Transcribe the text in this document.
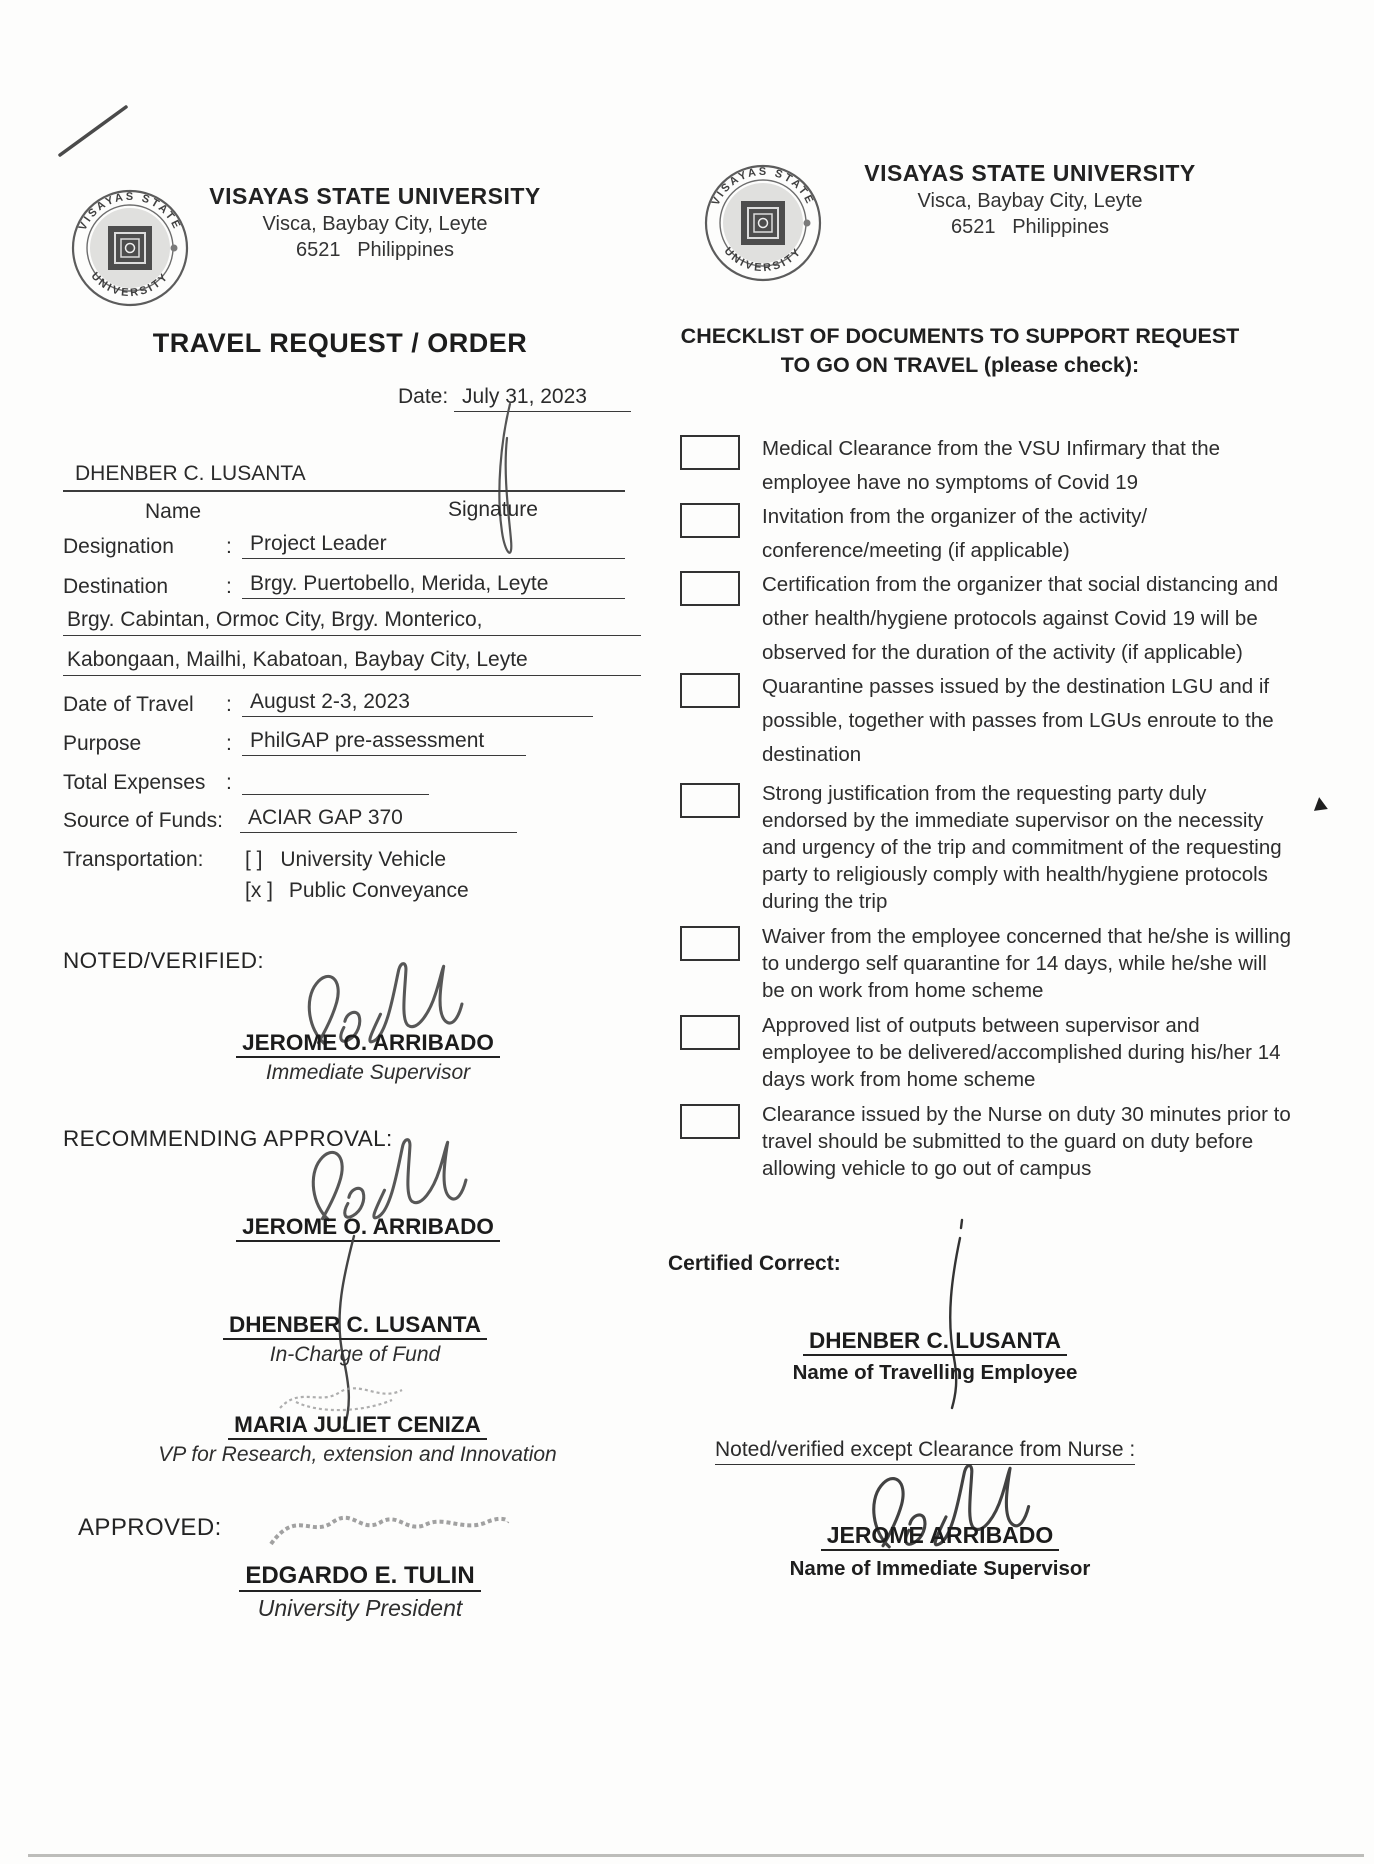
VISAYAS STATE
UNIVERSITY
VISAYAS STATE UNIVERSITY
Visca, Baybay City, Leyte
6521   Philippines
VISAYAS STATE
UNIVERSITY
VISAYAS STATE UNIVERSITY
Visca, Baybay City, Leyte
6521   Philippines
TRAVEL REQUEST / ORDER
Date: July 31, 2023
DHENBER C. LUSANTA
Name	Signature
Designation	: Project Leader
Destination	: Brgy. Puertobello, Merida, Leyte
Brgy. Cabintan, Ormoc City, Brgy. Monterico,
Kabongaan, Mailhi, Kabatoan, Baybay City, Leyte
Date of Travel	: August 2-3, 2023
Purpose	: PhilGAP pre-assessment
Total Expenses :

Source of Funds:	ACIAR GAP 370
Transportation: [ ] University Vehicle
[x ] Public Conveyance
NOTED/VERIFIED:
JEROME O. ARRIBADO
Immediate Supervisor
RECOMMENDING APPROVAL:
JEROME O. ARRIBADO
DHENBER C. LUSANTA
In-Charge of Fund
MARIA JULIET CENIZA
VP for Research, extension and Innovation
APPROVED:
EDGARDO E. TULIN
University President
CHECKLIST OF DOCUMENTS TO SUPPORT REQUEST
TO GO ON TRAVEL (please check):
Medical Clearance from the VSU Infirmary that the employee have no symptoms of Covid 19
Invitation from the organizer of the activity/ conference/meeting (if applicable)
Certification from the organizer that social distancing and other health/hygiene protocols against Covid 19 will be observed for the duration of the activity (if applicable)
Quarantine passes issued by the destination LGU and if possible, together with passes from LGUs enroute to the destination
Strong justification from the requesting party duly endorsed by the immediate supervisor on the necessity and urgency of the trip and commitment of the requesting party to religiously comply with health/hygiene protocols during the trip
Waiver from the employee concerned that he/she is willing to undergo self quarantine for 14 days, while he/she will be on work from home scheme
Approved list of outputs between supervisor and employee to be delivered/accomplished during his/her 14 days work from home scheme
Clearance issued by the Nurse on duty 30 minutes prior to travel should be submitted to the guard on duty before allowing vehicle to go out of campus
Certified Correct:
DHENBER C. LUSANTA
Name of Travelling Employee
Noted/verified except Clearance from Nurse :
JEROME ARRIBADO
Name of Immediate Supervisor
